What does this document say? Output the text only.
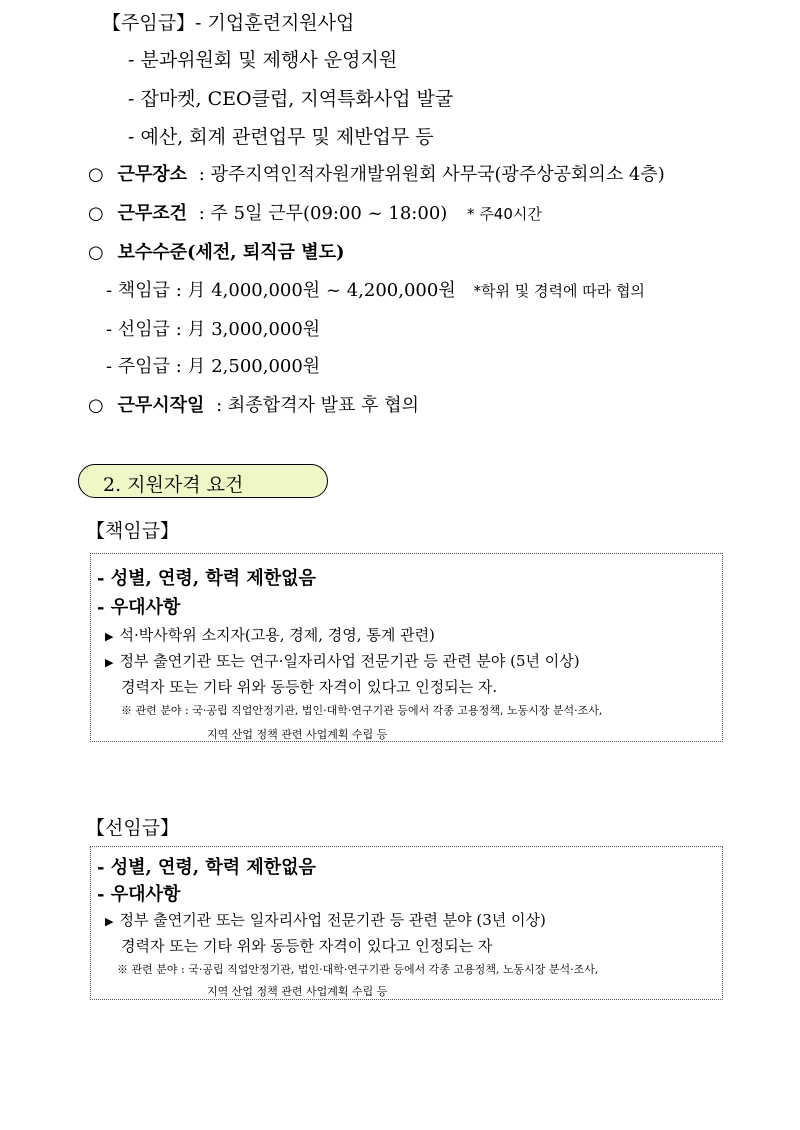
【주임급】- 기업훈련지원사업
- 분과위원회 및 제행사 운영지원
- 잡마켓, CEO클럽, 지역특화사업 발굴
- 예산, 회계 관련업무 및 제반업무 등
○ 근무장소 : 광주지역인적자원개발위원회 사무국(광주상공회의소 4층)
○ 근무조건 : 주 5일 근무(09:00 ~ 18:00) * 주40시간
○ 보수수준(세전, 퇴직금 별도)
- 책임급 : 月 4,000,000원 ~ 4,200,000원 *학위 및 경력에 따라 협의
- 선임급 : 月 3,000,000원
- 주임급 : 月 2,500,000원
○ 근무시작일 : 최종합격자 발표 후 협의
2. 지원자격 요건
【책임급】
- 성별, 연령, 학력 제한없음
- 우대사항
▶ 석·박사학위 소지자(고용, 경제, 경영, 통계 관련)
▶ 정부 출연기관 또는 연구·일자리사업 전문기관 등 관련 분야 (5년 이상)
경력자 또는 기타 위와 동등한 자격이 있다고 인정되는 자.
※ 관련 분야 : 국·공립 직업안정기관, 법인·대학·연구기관 등에서 각종 고용정책, 노동시장 분석·조사,
지역 산업 정책 관련 사업계획 수립 등
【선임급】
- 성별, 연령, 학력 제한없음
- 우대사항
▶ 정부 출연기관 또는 일자리사업 전문기관 등 관련 분야 (3년 이상)
경력자 또는 기타 위와 동등한 자격이 있다고 인정되는 자
※ 관련 분야 : 국·공립 직업안정기관, 법인·대학·연구기관 등에서 각종 고용정책, 노동시장 분석·조사,
지역 산업 정책 관련 사업계획 수립 등
